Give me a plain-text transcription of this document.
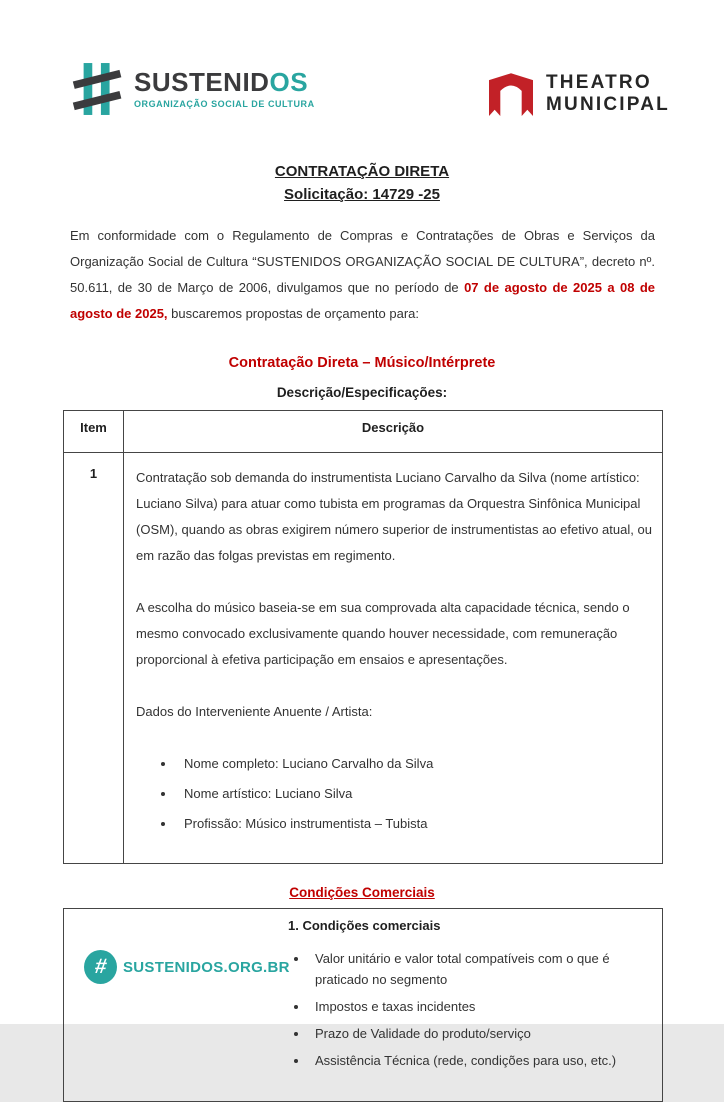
SUSTENIDOS
ORGANIZAÇÃO SOCIAL DE CULTURA
THEATRO
MUNICIPAL
CONTRATAÇÃO DIRETA
Solicitação: 14729 -25

Em conformidade com o Regulamento de Compras e Contratações de Obras e Serviços da Organização Social de Cultura “SUSTENIDOS ORGANIZAÇÃO SOCIAL DE CULTURA”, decreto nº. 50.611, de 30 de Março de 2006, divulgamos que no período de 07 de agosto de 2025 a 08 de agosto de 2025, buscaremos propostas de orçamento para:

Contratação Direta – Músico/Intérprete
Descrição/Especificações:
Item	Descrição
1	Contratação sob demanda do instrumentista Luciano Carvalho da Silva (nome artístico: Luciano Silva) para atuar como tubista em programas da Orquestra Sinfônica Municipal (OSM), quando as obras exigirem número superior de instrumentistas ao efetivo atual, ou em razão das folgas previstas em regimento.

A escolha do músico baseia-se em sua comprovada alta capacidade técnica, sendo o mesmo convocado exclusivamente quando houver necessidade, com remuneração proporcional à efetiva participação em ensaios e apresentações.

Dados do Interveniente Anuente / Artista:

• Nome completo: Luciano Carvalho da Silva
• Nome artístico: Luciano Silva
• Profissão: Músico instrumentista – Tubista
Condições Comerciais

1. Condições comerciais

• Valor unitário e valor total compatíveis com o que é praticado no segmento
• Impostos e taxas incidentes
• Prazo de Validade do produto/serviço
• Assistência Técnica (rede, condições para uso, etc.)
# SUSTENIDOS.ORG.BR
